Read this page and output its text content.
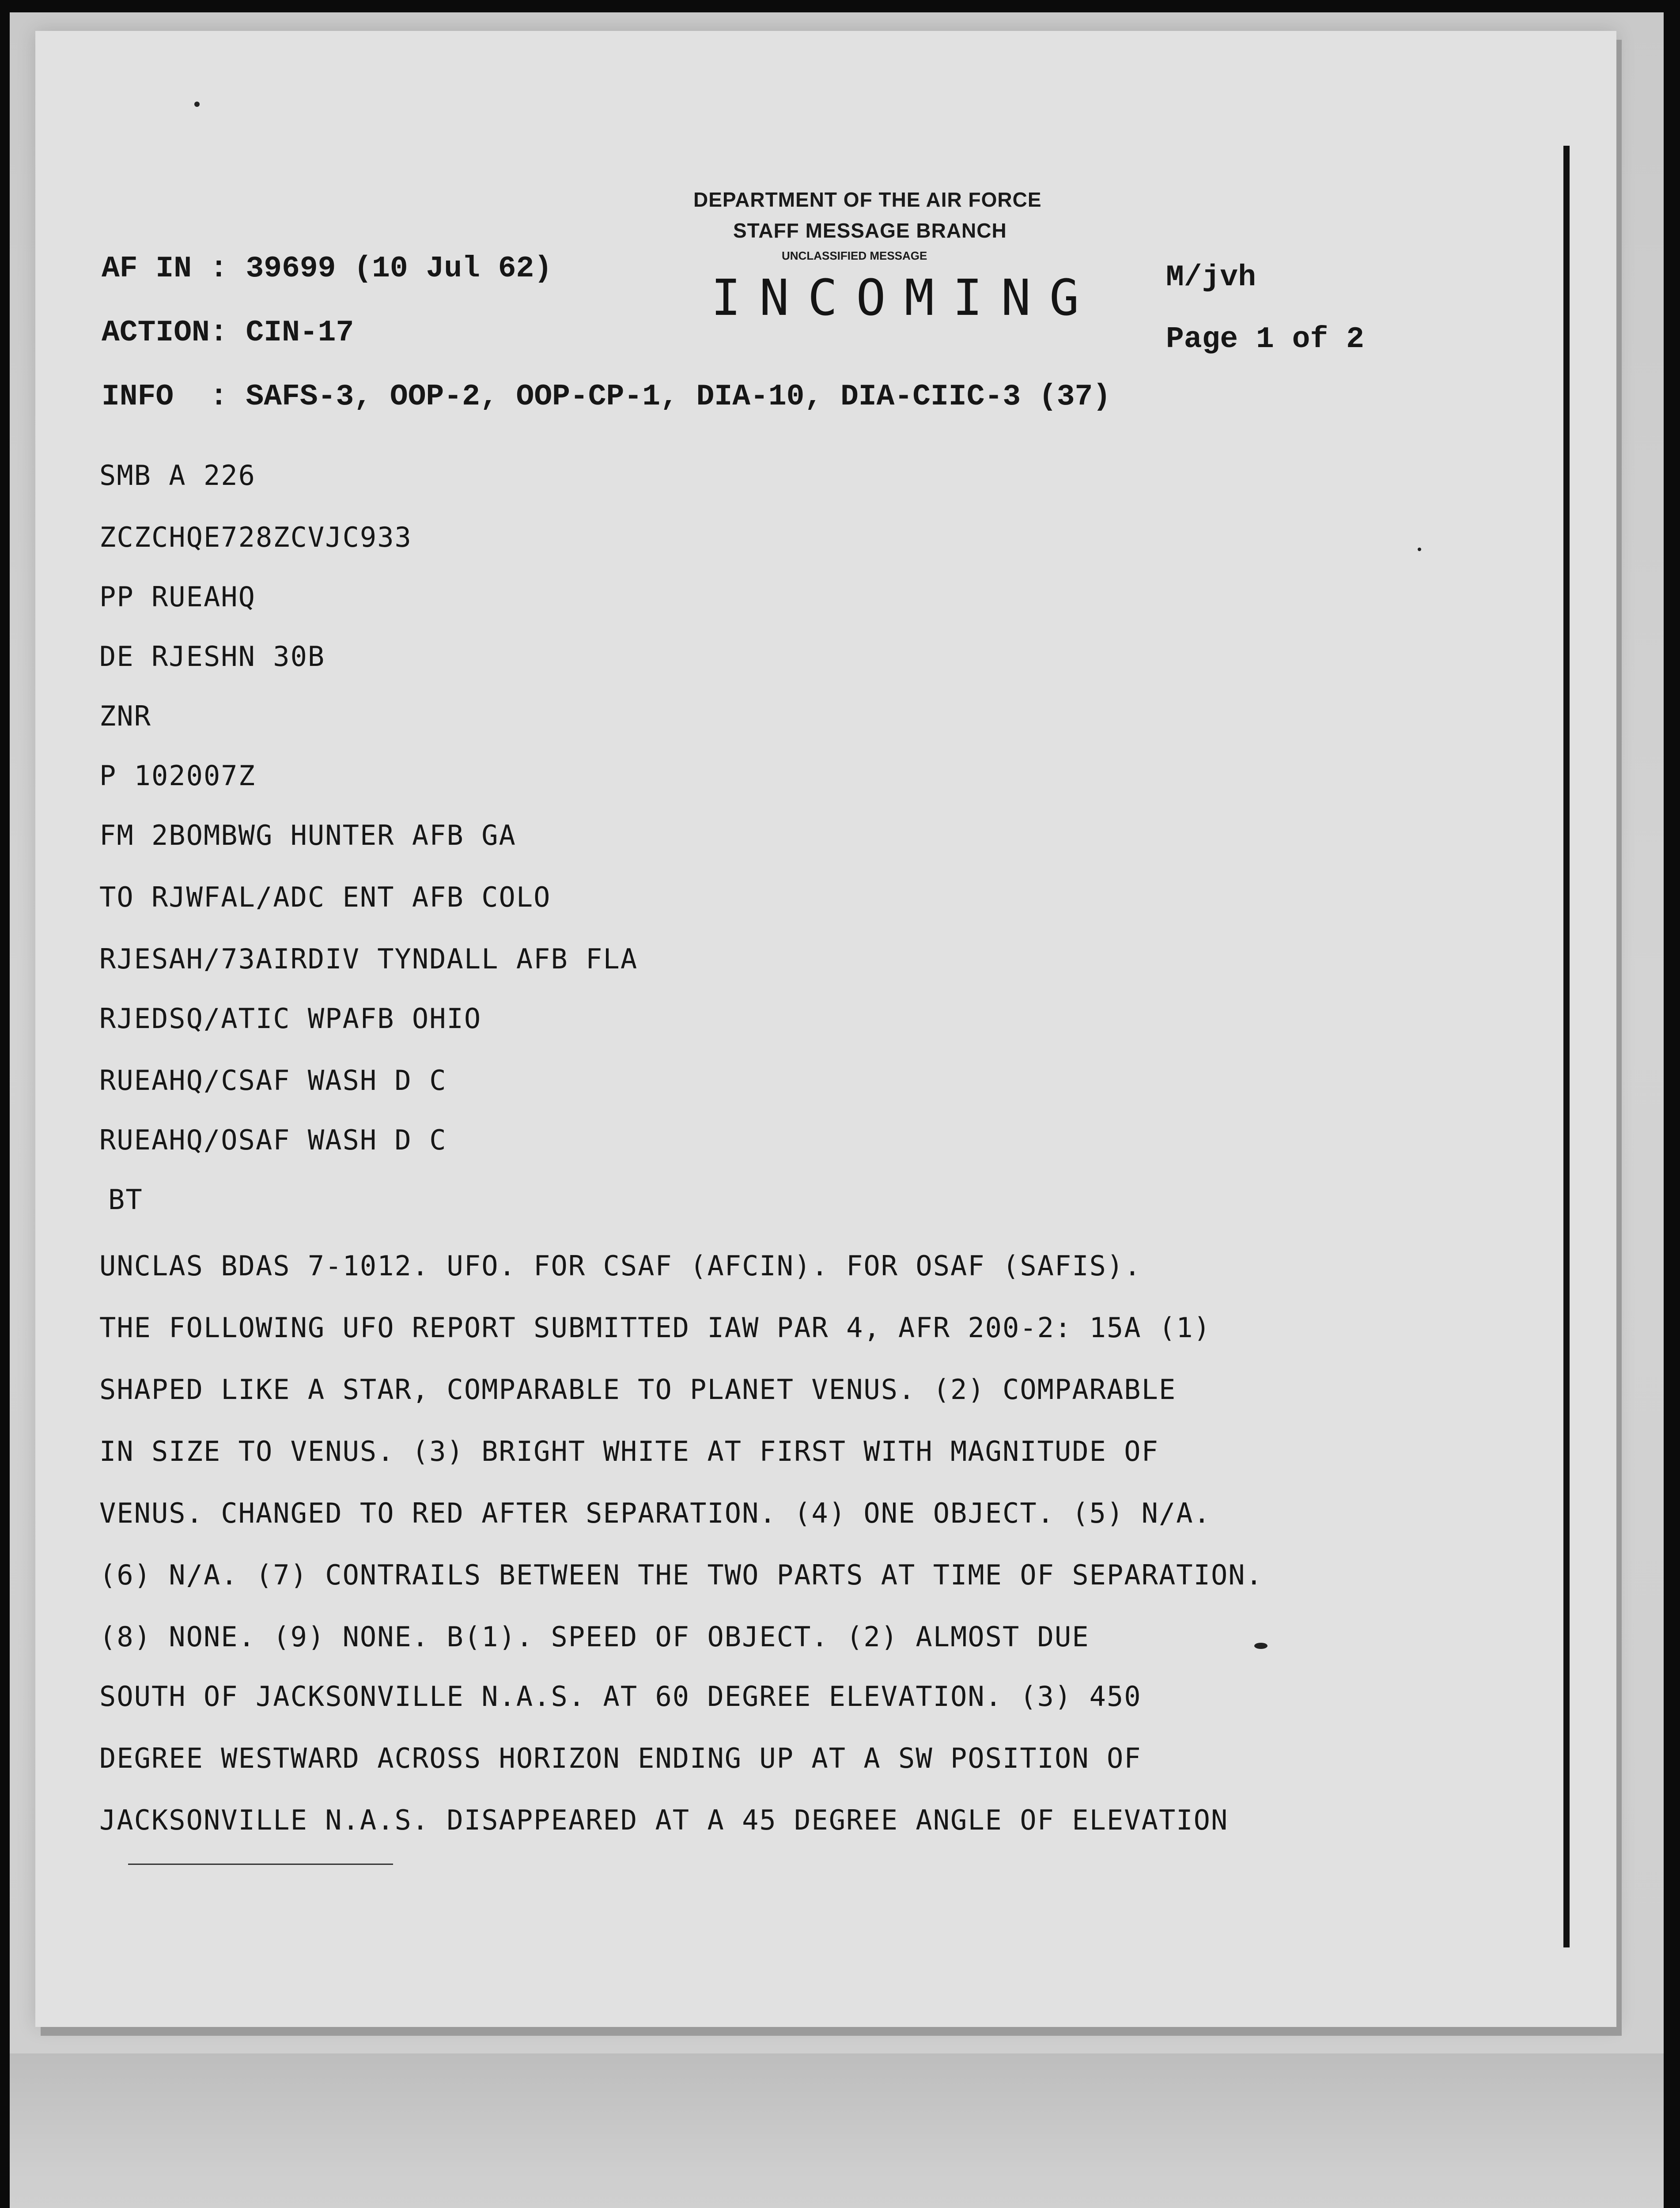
DEPARTMENT OF THE AIR FORCE
STAFF MESSAGE BRANCH
UNCLASSIFIED MESSAGE
AF IN : 39699 (10 Jul 62)
INCOMING M/jvh
ACTION: CIN-17	Page 1 of 2
INFO  : SAFS-3, OOP-2, OOP-CP-1, DIA-10, DIA-CIIC-3 (37)
SMB A 226
ZCZCHQE728ZCVJC933
PP RUEAHQ
DE RJESHN 30B
ZNR
P 102007Z
FM 2BOMBWG HUNTER AFB GA
TO RJWFAL/ADC ENT AFB COLO
RJESAH/73AIRDIV TYNDALL AFB FLA
RJEDSQ/ATIC WPAFB OHIO
RUEAHQ/CSAF WASH D C
RUEAHQ/OSAF WASH D C
BT
UNCLAS BDAS 7-1012. UFO. FOR CSAF (AFCIN). FOR OSAF (SAFIS).
THE FOLLOWING UFO REPORT SUBMITTED IAW PAR 4, AFR 200-2: 15A (1)
SHAPED LIKE A STAR, COMPARABLE TO PLANET VENUS. (2) COMPARABLE
IN SIZE TO VENUS. (3) BRIGHT WHITE AT FIRST WITH MAGNITUDE OF
VENUS. CHANGED TO RED AFTER SEPARATION. (4) ONE OBJECT. (5) N/A.
(6) N/A. (7) CONTRAILS BETWEEN THE TWO PARTS AT TIME OF SEPARATION.
(8) NONE. (9) NONE. B(1). SPEED OF OBJECT. (2) ALMOST DUE
SOUTH OF JACKSONVILLE N.A.S. AT 60 DEGREE ELEVATION. (3) 450
DEGREE WESTWARD ACROSS HORIZON ENDING UP AT A SW POSITION OF
JACKSONVILLE N.A.S. DISAPPEARED AT A 45 DEGREE ANGLE OF ELEVATION
